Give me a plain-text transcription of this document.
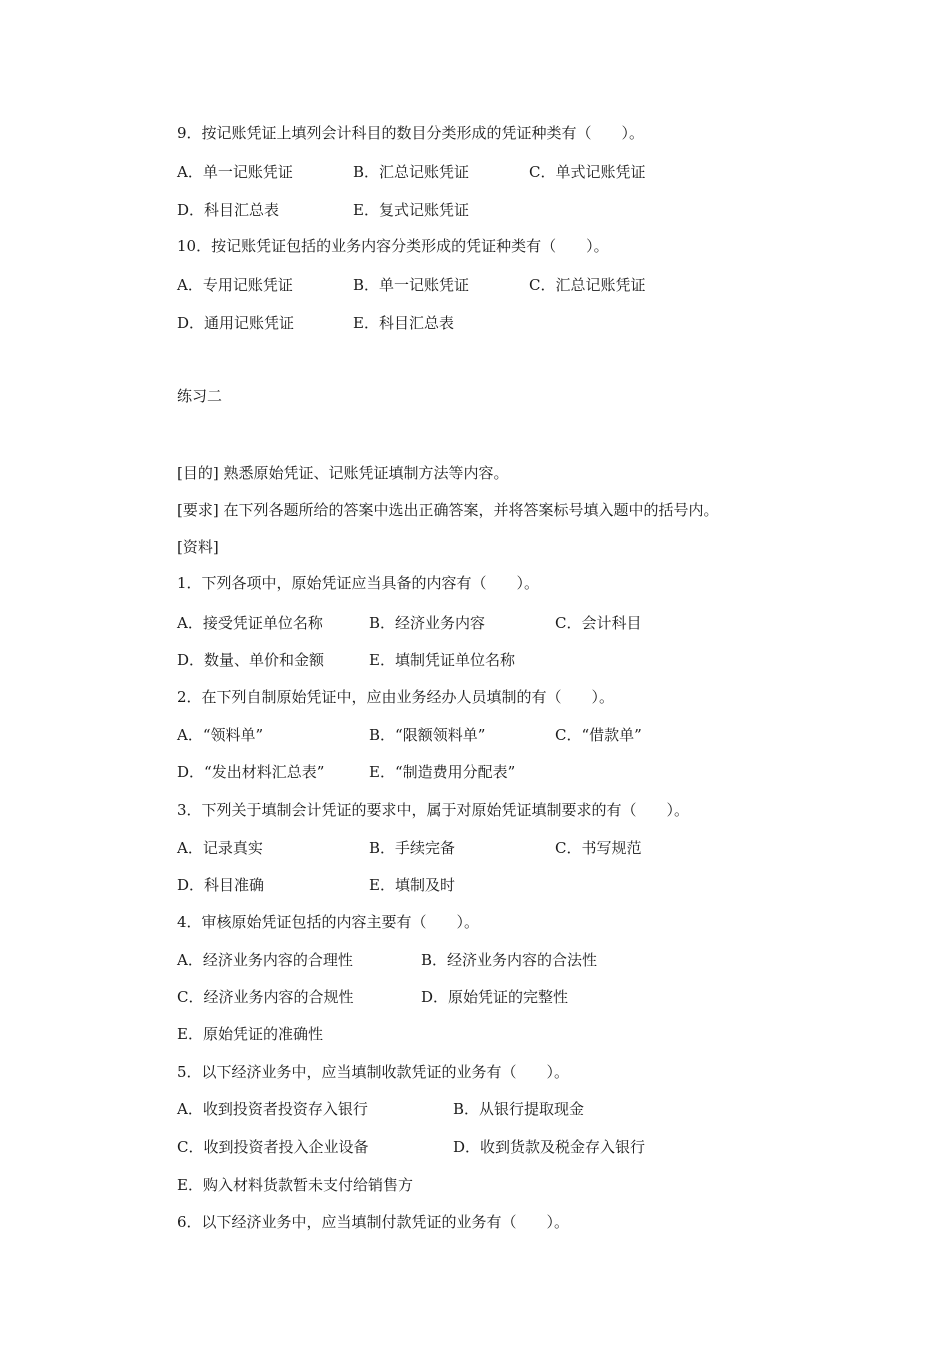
9．按记账凭证上填列会计科目的数目分类形成的凭证种类有（　　）。
A．单一记账凭证	B．汇总记账凭证	C．单式记账凭证
D．科目汇总表	E．复式记账凭证
10．按记账凭证包括的业务内容分类形成的凭证种类有（　　）。
A．专用记账凭证	B．单一记账凭证	C．汇总记账凭证
D．通用记账凭证	E．科目汇总表
练习二
[目的] 熟悉原始凭证、记账凭证填制方法等内容。
[要求] 在下列各题所给的答案中选出正确答案，并将答案标号填入题中的括号内。
[资料]
1．下列各项中，原始凭证应当具备的内容有（　　）。
A．接受凭证单位名称	B．经济业务内容	C．会计科目
D．数量、单价和金额	E．填制凭证单位名称
2．在下列自制原始凭证中，应由业务经办人员填制的有（　　）。
A．“领料单”	B．“限额领料单”	C．“借款单”
D．“发出材料汇总表”	E．“制造费用分配表”
3．下列关于填制会计凭证的要求中，属于对原始凭证填制要求的有（　　）。
A．记录真实	B．手续完备	C．书写规范
D．科目准确	E．填制及时
4．审核原始凭证包括的内容主要有（　　）。
A．经济业务内容的合理性	B．经济业务内容的合法性
C．经济业务内容的合规性	D．原始凭证的完整性
E．原始凭证的准确性
5．以下经济业务中，应当填制收款凭证的业务有（　　）。
A．收到投资者投资存入银行	B．从银行提取现金
C．收到投资者投入企业设备	D．收到货款及税金存入银行
E．购入材料货款暂未支付给销售方
6．以下经济业务中，应当填制付款凭证的业务有（　　）。
